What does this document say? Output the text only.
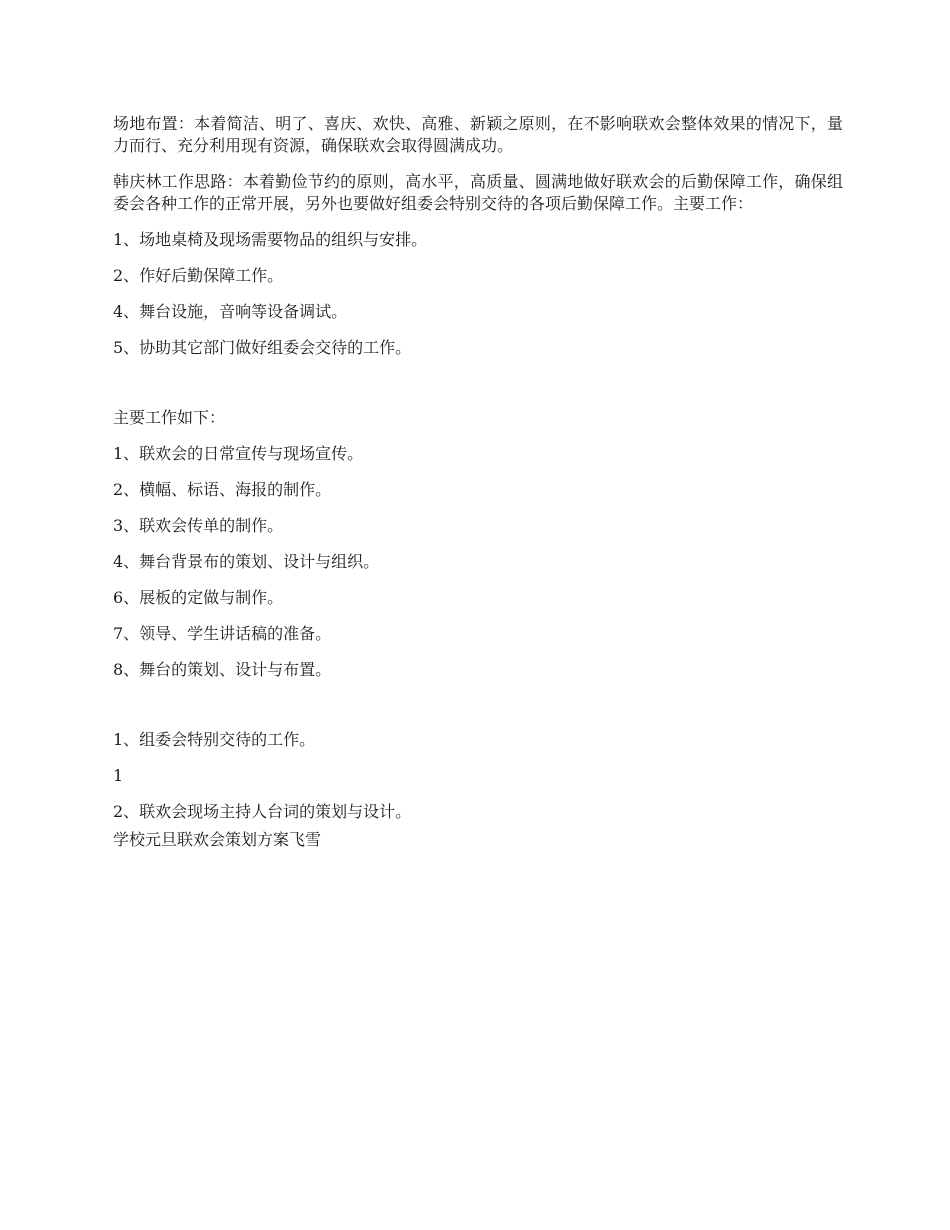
场地布置：本着简洁、明了、喜庆、欢快、高雅、新颖之原则，在不影响联欢会整体效果的情况下，量力而行、充分利用现有资源，确保联欢会取得圆满成功。

韩庆林工作思路：本着勤俭节约的原则，高水平，高质量、圆满地做好联欢会的后勤保障工作，确保组委会各种工作的正常开展，另外也要做好组委会特别交待的各项后勤保障工作。主要工作：

1、场地桌椅及现场需要物品的组织与安排。

2、作好后勤保障工作。

4、舞台设施，音响等设备调试。

5、协助其它部门做好组委会交待的工作。

主要工作如下：

1、联欢会的日常宣传与现场宣传。

2、横幅、标语、海报的制作。

3、联欢会传单的制作。

4、舞台背景布的策划、设计与组织。

6、展板的定做与制作。

7、领导、学生讲话稿的准备。

8、舞台的策划、设计与布置。

1、组委会特别交待的工作。

1

2、联欢会现场主持人台词的策划与设计。

学校元旦联欢会策划方案飞雪
